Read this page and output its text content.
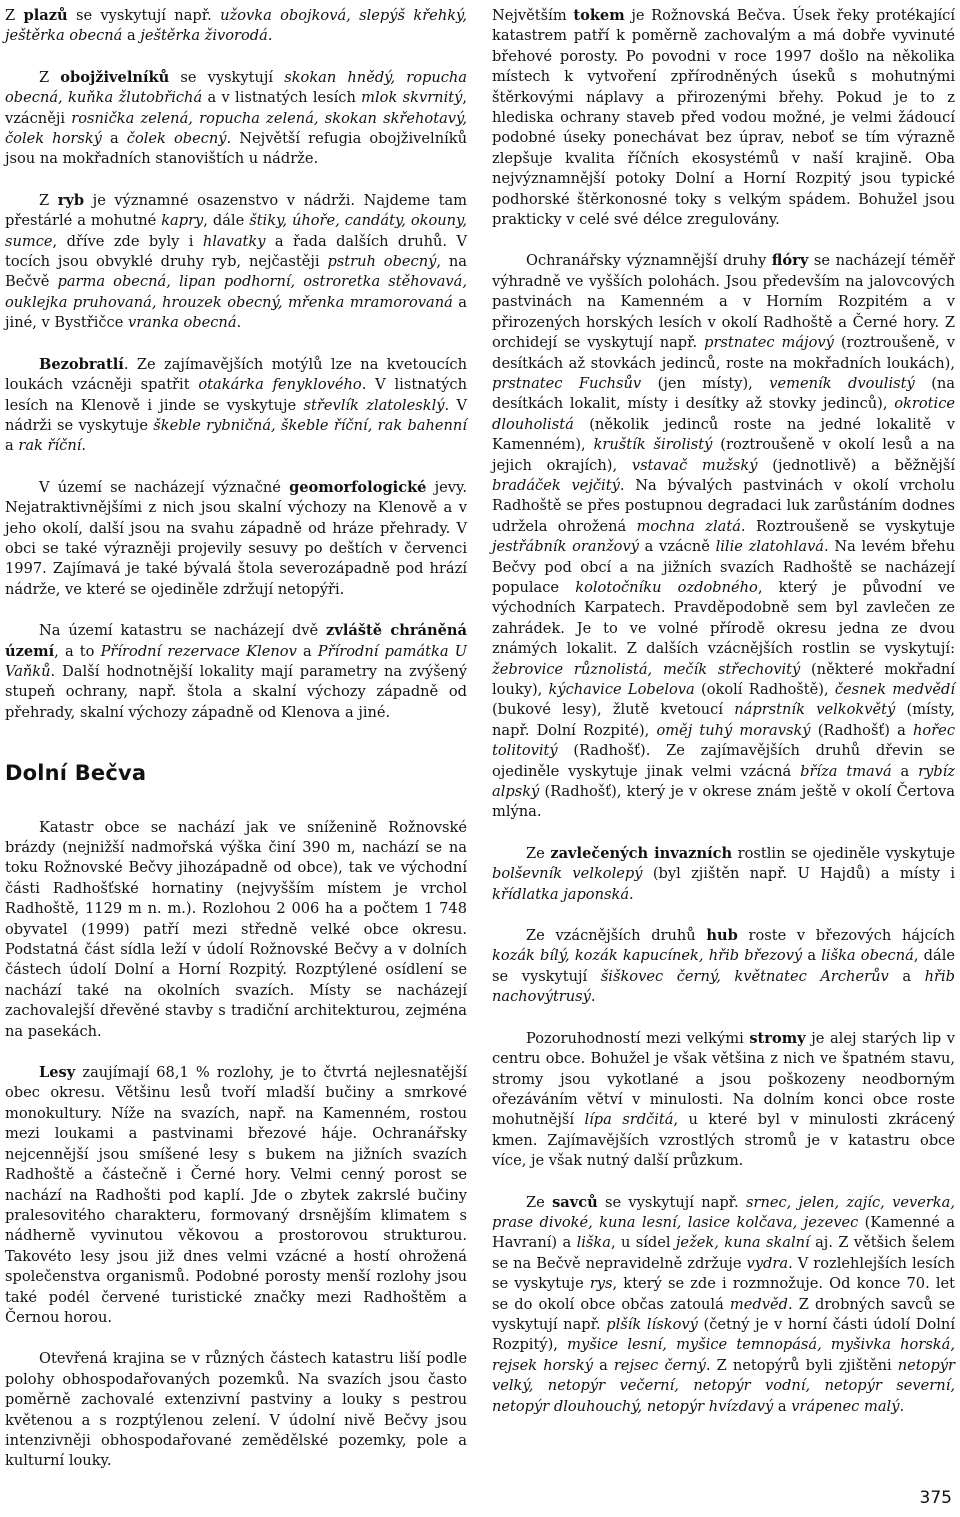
Z plazů se vyskytují např. užovka obojková, slepýš křehký, ještěrka obecná a ještěrka živorodá.

Z obojživelníků se vyskytují skokan hnědý, ropucha obecná, kuňka žlutobřichá a v listnatých lesích mlok skvrnitý, vzácněji rosnička zelená, ropucha zelená, skokan skřehotavý, čolek horský a čolek obecný. Největší refugia obojživelníků jsou na mokřadních stanovištích u nádrže.

Z ryb je významné osazenstvo v nádrži. Najdeme tam přestárlé a mohutné kapry, dále štiky, úhoře, candáty, okouny, sumce, dříve zde byly i hlavatky a řada dalších druhů. V tocích jsou obvyklé druhy ryb, nejčastěji pstruh obecný, na Bečvě parma obecná, lipan podhorní, ostroretka stěhovavá, ouklejka pruhovaná, hrouzek obecný, mřenka mramorovaná a jiné, v Bystřičce vranka obecná.

Bezobratlí. Ze zajímavějších motýlů lze na kvetoucích loukách vzácněji spatřit otakárka fenyklového. V listnatých lesích na Klenově i jinde se vyskytuje střevlík zlatolesklý. V nádrži se vyskytuje škeble rybničná, škeble říční, rak bahenní a rak říční.

V území se nacházejí význačné geomorfologické jevy. Nejatraktivnějšími z nich jsou skalní výchozy na Klenově a v jeho okolí, další jsou na svahu západně od hráze přehrady. V obci se také výrazněji projevily sesuvy po deštích v červenci 1997. Zajímavá je také bývalá štola severozápadně pod hrází nádrže, ve které se ojediněle zdržují netopýři.

Na území katastru se nacházejí dvě zvláště chráněná území, a to Přírodní rezervace Klenov a Přírodní památka U Vaňků. Další hodnotnější lokality mají parametry na zvýšený stupeň ochrany, např. štola a skalní výchozy západně od přehrady, skalní výchozy západně od Klenova a jiné.

Dolní Bečva

Katastr obce se nachází jak ve sníženině Rožnovské brázdy (nejnižší nadmořská výška činí 390 m, nachází se na toku Rožnovské Bečvy jihozápadně od obce), tak ve východní části Radhošťské hornatiny (nejvyšším místem je vrchol Radhoště, 1129 m n. m.). Rozlohou 2 006 ha a počtem 1 748 obyvatel (1999) patří mezi středně velké obce okresu. Podstatná část sídla leží v údolí Rožnovské Bečvy a v dolních částech údolí Dolní a Horní Rozpitý. Rozptýlené osídlení se nachází také na okolních svazích. Místy se nacházejí zachovalejší dřevěné stavby s tradiční architekturou, zejména na pasekách.

Lesy zaujímají 68,1 % rozlohy, je to čtvrtá nejlesnatější obec okresu. Většinu lesů tvoří mladší bučiny a smrkové monokultury. Níže na svazích, např. na Kamenném, rostou mezi loukami a pastvinami březové háje. Ochranářsky nejcennější jsou smíšené lesy s bukem na jižních svazích Radhoště a částečně i Černé hory. Velmi cenný porost se nachází na Radhošti pod kaplí. Jde o zbytek zakrslé bučiny pralesovitého charakteru, formovaný drsnějším klimatem s nádherně vyvinutou věkovou a prostorovou strukturou. Takovéto lesy jsou již dnes velmi vzácné a hostí ohrožená společenstva organismů. Podobné porosty menší rozlohy jsou také podél červené turistické značky mezi Radhoštěm a Černou horou.

Otevřená krajina se v různých částech katastru liší podle polohy obhospodařovaných pozemků. Na svazích jsou často poměrně zachovalé extenzivní pastviny a louky s pestrou květenou a s rozptýlenou zelení. V údolní nivě Bečvy jsou intenzivněji obhospodařované zemědělské pozemky, pole a kulturní louky.

Největším tokem je Rožnovská Bečva. Úsek řeky protékající katastrem patří k poměrně zachovalým a má dobře vyvinuté břehové porosty. Po povodni v roce 1997 došlo na několika místech k vytvoření zpřírodněných úseků s mohutnými štěrkovými náplavy a přirozenými břehy. Pokud je to z hlediska ochrany staveb před vodou možné, je velmi žádoucí podobné úseky ponechávat bez úprav, neboť se tím výrazně zlepšuje kvalita říčních ekosystémů v naší krajině. Oba nejvýznamnější potoky Dolní a Horní Rozpitý jsou typické podhorské štěrkonosné toky s velkým spádem. Bohužel jsou prakticky v celé své délce zregulovány.

Ochranářsky významnější druhy flóry se nacházejí téměř výhradně ve vyšších polohách. Jsou především na jalovcových pastvinách na Kamenném a v Horním Rozpitém a v přirozených horských lesích v okolí Radhoště a Černé hory. Z orchidejí se vyskytují např. prstnatec májový (roztroušeně, v desítkách až stovkách jedinců, roste na mokřadních loukách), prstnatec Fuchsův (jen místy), vemeník dvoulistý (na desítkách lokalit, místy i desítky až stovky jedinců), okrotice dlouholistá (několik jedinců roste na jedné lokalitě v Kamenném), kruštík širolistý (roztroušeně v okolí lesů a na jejich okrajích), vstavač mužský (jednotlivě) a běžnější bradáček vejčitý. Na bývalých pastvinách v okolí vrcholu Radhoště se přes postupnou degradaci luk zarůstáním dodnes udržela ohrožená mochna zlatá. Roztroušeně se vyskytuje jestřábník oranžový a vzácně lilie zlatohlavá. Na levém břehu Bečvy pod obcí a na jižních svazích Radhoště se nacházejí populace kolotočníku ozdobného, který je původní ve východních Karpatech. Pravděpodobně sem byl zavlečen ze zahrádek. Je to ve volné přírodě okresu jedna ze dvou známých lokalit. Z dalších vzácnějších rostlin se vyskytují: žebrovice různolistá, mečík střechovitý (některé mokřadní louky), kýchavice Lobelova (okolí Radhoště), česnek medvědí (bukové lesy), žlutě kvetoucí náprstník velkokvětý (místy, např. Dolní Rozpité), oměj tuhý moravský (Radhošť) a hořec tolitovitý (Radhošť). Ze zajímavějších druhů dřevin se ojediněle vyskytuje jinak velmi vzácná bříza tmavá a rybíz alpský (Radhošť), který je v okrese znám ještě v okolí Čertova mlýna.

Ze zavlečených invazních rostlin se ojediněle vyskytuje bolševník velkolepý (byl zjištěn např. U Hajdů) a místy i křídlatka japonská.

Ze vzácnějších druhů hub roste v březových hájcích kozák bílý, kozák kapucínek, hřib březový a liška obecná, dále se vyskytují šiškovec černý, květnatec Archerův a hřib nachovýtrusý.

Pozoruhodností mezi velkými stromy je alej starých lip v centru obce. Bohužel je však většina z nich ve špatném stavu, stromy jsou vykotlané a jsou poškozeny neodborným ořezáváním větví v minulosti. Na dolním konci obce roste mohutnější lípa srdčitá, u které byl v minulosti zkrácený kmen. Zajímavějších vzrostlých stromů je v katastru obce více, je však nutný další průzkum.

Ze savců se vyskytují např. srnec, jelen, zajíc, veverka, prase divoké, kuna lesní, lasice kolčava, jezevec (Kamenné a Havraní) a liška, u sídel ježek, kuna skalní aj. Z většich šelem se na Bečvě nepravidelně zdržuje vydra. V rozlehlejších lesích se vyskytuje rys, který se zde i rozmnožuje. Od konce 70. let se do okolí obce občas zatoulá medvěd. Z drobných savců se vyskytují např. plšík lískový (četný je v horní části údolí Dolní Rozpitý), myšice lesní, myšice temnopásá, myšivka horská, rejsek horský a rejsec černý. Z netopýrů byli zjištěni netopýr velký, netopýr večerní, netopýr vodní, netopýr severní, netopýr dlouhouchý, netopýr hvízdavý a vrápenec malý.

375
